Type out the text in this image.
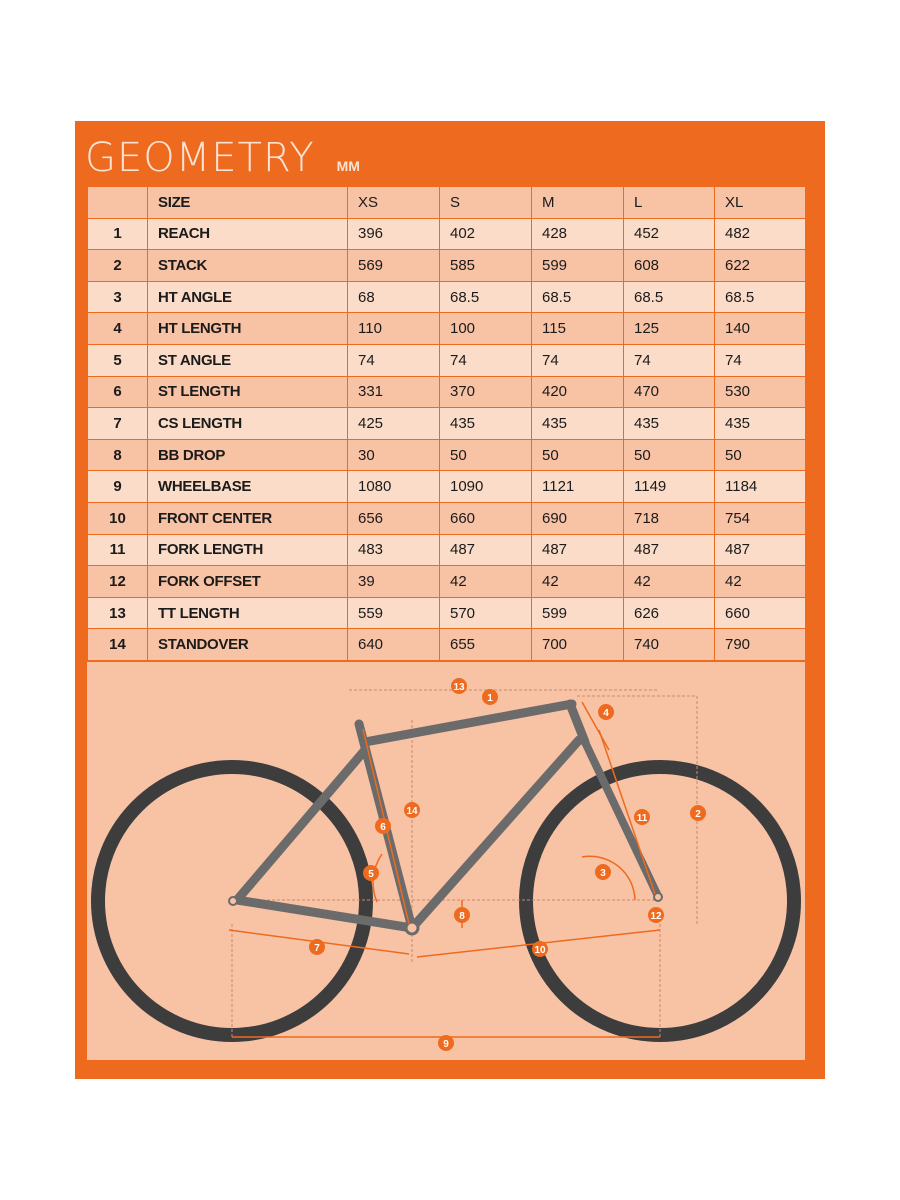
GEOMETRY MM
	SIZE	XS	S	M	L	XL
1	REACH	396	402	428	452	482
2	STACK	569	585	599	608	622
3	HT ANGLE	68	68.5	68.5	68.5	68.5
4	HT LENGTH	110	100	115	125	140
5	ST ANGLE	74	74	74	74	74
6	ST LENGTH	331	370	420	470	530
7	CS LENGTH	425	435	435	435	435
8	BB DROP	30	50	50	50	50
9	WHEELBASE	1080	1090	1121	1149	1184
10	FRONT CENTER	656	660	690	718	754
11	FORK LENGTH	483	487	487	487	487
12	FORK OFFSET	39	42	42	42	42
13	TT LENGTH	559	570	599	626	660
14	STANDOVER	640	655	700	740	790
13
1
4
14
6
11	2
5	3
8	12
7	10
9
